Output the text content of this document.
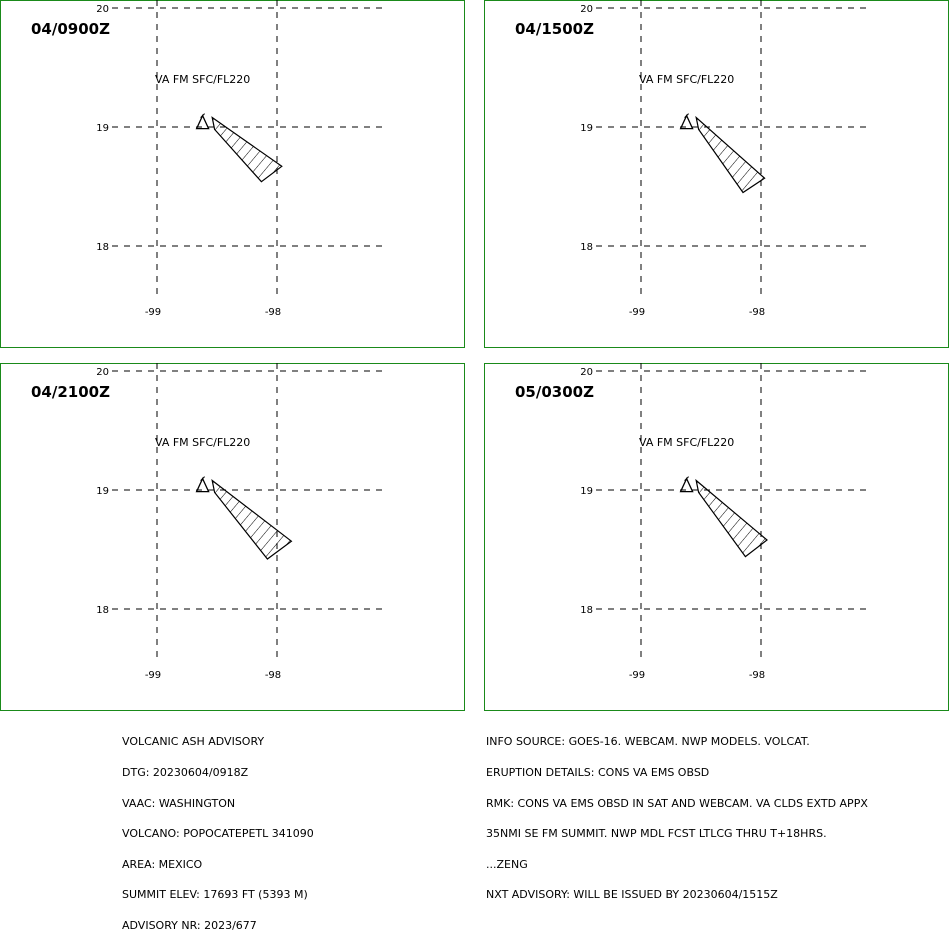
04/0900Z
20
19
18
-99	-98
VA FM SFC/FL220
04/1500Z
20
19
18
-99	-98
VA FM SFC/FL220
04/2100Z
20
19
18
-99	-98
VA FM SFC/FL220
05/0300Z
20
19
18
-99	-98
VA FM SFC/FL220

VOLCANIC ASH ADVISORY

DTG: 20230604/0918Z

VAAC: WASHINGTON

VOLCANO: POPOCATEPETL 341090

AREA: MEXICO

SUMMIT ELEV: 17693 FT (5393 M)

ADVISORY NR: 2023/677

INFO SOURCE: GOES-16. WEBCAM. NWP MODELS. VOLCAT.

ERUPTION DETAILS: CONS VA EMS OBSD

RMK: CONS VA EMS OBSD IN SAT AND WEBCAM. VA CLDS EXTD APPX

35NMI SE FM SUMMIT. NWP MDL FCST LTLCG THRU T+18HRS.

...ZENG

NXT ADVISORY: WILL BE ISSUED BY 20230604/1515Z
